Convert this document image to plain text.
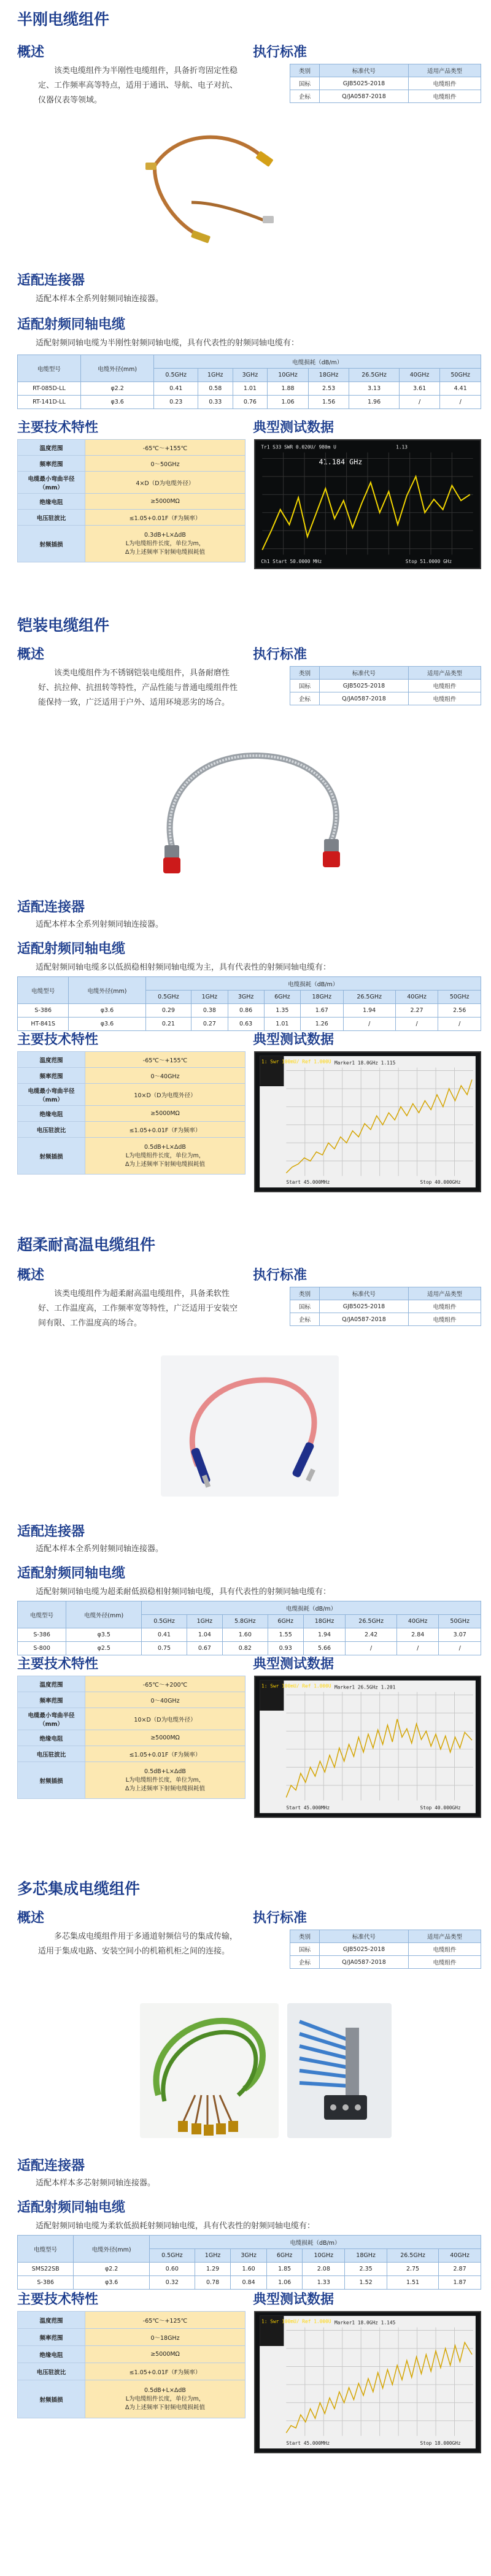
半刚电缆组件
概述
该类电缆组件为半刚性电缆组件，具备折弯固定性稳定、工作频率高等特点，适用于通讯、导航、电子对抗、仪器仪表等领域。
执行标准
类别	标准代号	适用产品类型
国标	GJB5025-2018	电缆组件
企标	Q/JA0587-2018	电缆组件
适配连接器
适配本样本全系列射频同轴连接器。
适配射频同轴电缆
适配射频同轴电缆为半刚性射频同轴电缆，具有代表性的射频同轴电缆有：
电缆型号	电缆外径(mm)	电缆损耗（dB/m）							
		0.5GHz	1GHz	3GHz	10GHz	18GHz	26.5GHz	40GHz	50GHz
RT-085D-LL	φ2.2	0.41	0.58	1.01	1.88	2.53	3.13	3.61	4.41
RT-141D-LL	φ3.6	0.23	0.33	0.76	1.06	1.56	1.96	/	/
主要技术特性	典型测试数据
温度范围	-65℃～+155℃
频率范围	0～50GHz
电缆最小弯曲半径（mm）	4×D（D为电缆外径）
绝缘电阻	≥5000MΩ
电压驻波比	≤1.05+0.01F（F为频率）
射频插损	0.3dB+L×ΔdB
L为电缆组件长度，单位为m，
Δ为上述频率下射频电缆损耗值
Tr1 S33 SWR 0.020U/ 980m U	1.13
41.184 GHz
Ch1 Start 50.0000 MHz	Stop 51.0000 GHz
铠装电缆组件
概述
该类电缆组件为不锈钢铠装电缆组件，具备耐磨性好、抗拉伸、抗扭转等特性，产品性能与普通电缆组件性能保持一致，广泛适用于户外、适用环境恶劣的场合。
执行标准
类别	标准代号	适用产品类型
国标	GJB5025-2018	电缆组件
企标	Q/JA0587-2018	电缆组件
适配连接器
适配本样本全系列射频同轴连接器。
适配射频同轴电缆
适配射频同轴电缆多以低损稳相射频同轴电缆为主，具有代表性的射频同轴电缆有：
电缆型号	电缆外径(mm)	电缆损耗（dB/m）							
		0.5GHz	1GHz	3GHz	6GHz	18GHz	26.5GHz	40GHz	50GHz
S-386	φ3.6	0.29	0.38	0.86	1.35	1.67	1.94	2.27	2.56
HT-841S	φ3.6	0.21	0.27	0.63	1.01	1.26	/	/	/
主要技术特性	典型测试数据
温度范围	-65℃～+155℃
频率范围	0～40GHz
电缆最小弯曲半径（mm）	10×D（D为电缆外径）
绝缘电阻	≥5000MΩ
电压驻波比	≤1.05+0.01F（F为频率）
射频插损	0.5dB+L×ΔdB
L为电缆组件长度，单位为m，
Δ为上述频率下射频电缆损耗值
1: Swr 100mU/ Ref 1.000U Marker1 18.0GHz 1.115
Start 45.000MHz	Stop 40.000GHz
超柔耐高温电缆组件
概述
该类电缆组件为超柔耐高温电缆组件，具备柔软性好、工作温度高，工作频率宽等特性，广泛适用于安装空间有限、工作温度高的场合。
执行标准
类别	标准代号	适用产品类型
国标	GJB5025-2018	电缆组件
企标	Q/JA0587-2018	电缆组件
适配连接器
适配本样本全系列射频同轴连接器。
适配射频同轴电缆
适配射频同轴电缆为超柔耐低损稳相射频同轴电缆，具有代表性的射频同轴电缆有：
电缆型号	电缆外径(mm)	电缆损耗（dB/m）							
		0.5GHz	1GHz	5.8GHz	6GHz	18GHz	26.5GHz	40GHz	50GHz
S-386	φ3.5	0.41	1.04	1.60	1.55	1.94	2.42	2.84	3.07
S-800	φ2.5	0.75	0.67	0.82	0.93	5.66	/	/	/
主要技术特性	典型测试数据
温度范围	-65℃～+200℃
频率范围	0～40GHz
电缆最小弯曲半径（mm）	10×D（D为电缆外径）
绝缘电阻	≥5000MΩ
电压驻波比	≤1.05+0.01F（F为频率）
射频插损	0.5dB+L×ΔdB
L为电缆组件长度，单位为m，
Δ为上述频率下射频电缆损耗值
1: Swr 100mU/ Ref 1.000U Marker1 26.5GHz 1.201
Start 45.000MHz	Stop 40.000GHz
多芯集成电缆组件
概述
多芯集成电缆组件用于多通道射频信号的集成传输，适用于集成电路、安装空间小的机箱机柜之间的连接。
执行标准
类别	标准代号	适用产品类型
国标	GJB5025-2018	电缆组件
企标	Q/JA0587-2018	电缆组件
适配连接器
适配本样本多芯射频同轴连接器。
适配射频同轴电缆
适配射频同轴电缆为柔软低损耗射频同轴电缆，具有代表性的射频同轴电缆有：
电缆型号	电缆外径(mm)	电缆损耗（dB/m）							
		0.5GHz	1GHz	3GHz	6GHz	10GHz	18GHz	26.5GHz	40GHz
SMS22SB	φ2.2	0.60	1.29	1.60	1.85	2.08	2.35	2.75	2.87
S-386	φ3.6	0.32	0.78	0.84	1.06	1.33	1.52	1.51	1.87
主要技术特性	典型测试数据
温度范围	-65℃～+125℃
频率范围	0～18GHz
绝缘电阻	≥5000MΩ
电压驻波比	≤1.05+0.01F（F为频率）
射频插损	0.5dB+L×ΔdB
L为电缆组件长度，单位为m，
Δ为上述频率下射频电缆损耗值
1: Swr 100mU/ Ref 1.000U Marker1 18.0GHz 1.145
Start 45.000MHz	Stop 18.000GHz
